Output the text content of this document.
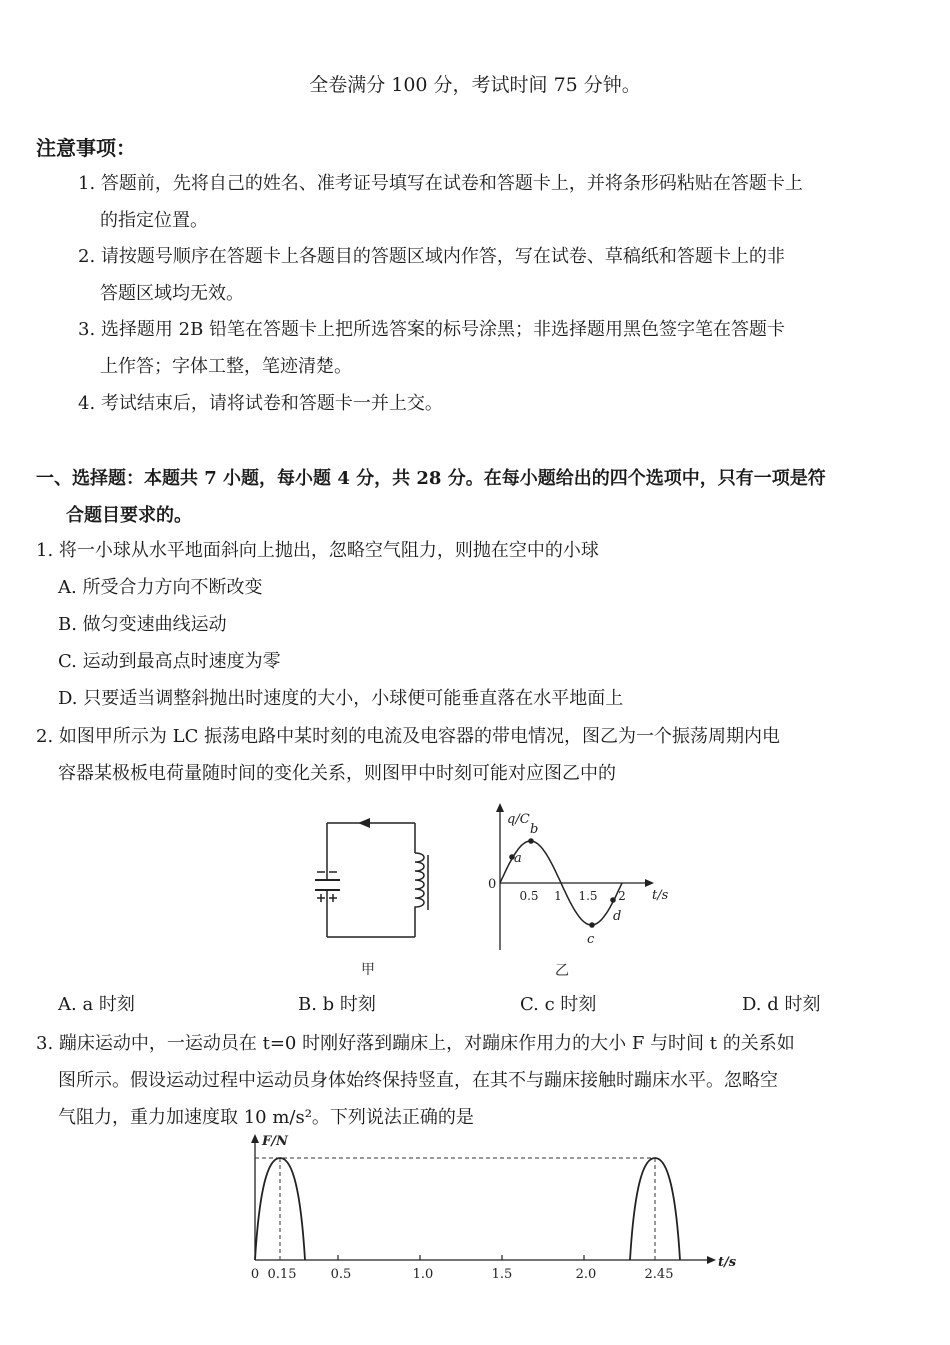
全卷满分 100 分，考试时间 75 分钟。
注意事项：
1. 答题前，先将自己的姓名、准考证号填写在试卷和答题卡上，并将条形码粘贴在答题卡上
的指定位置。
2. 请按题号顺序在答题卡上各题目的答题区域内作答，写在试卷、草稿纸和答题卡上的非
答题区域均无效。
3. 选择题用 2B 铅笔在答题卡上把所选答案的标号涂黑；非选择题用黑色签字笔在答题卡
上作答；字体工整，笔迹清楚。
4. 考试结束后，请将试卷和答题卡一并上交。
一、选择题：本题共 7 小题，每小题 4 分，共 28 分。在每小题给出的四个选项中，只有一项是符
合题目要求的。
1. 将一小球从水平地面斜向上抛出，忽略空气阻力，则抛在空中的小球
A. 所受合力方向不断改变
B. 做匀变速曲线运动
C. 运动到最高点时速度为零
D. 只要适当调整斜抛出时速度的大小，小球便可能垂直落在水平地面上
2. 如图甲所示为 LC 振荡电路中某时刻的电流及电容器的带电情况，图乙为一个振荡周期内电
容器某极板电荷量随时间的变化关系，则图甲中时刻可能对应图乙中的
甲
q/C
t/s
0
0.5 1 1.5 2
a
b
c
d
乙
A. a 时刻	B. b 时刻	C. c 时刻	D. d 时刻
3. 蹦床运动中，一运动员在 t=0 时刚好落到蹦床上，对蹦床作用力的大小 F 与时间 t 的关系如
图所示。假设运动过程中运动员身体始终保持竖直，在其不与蹦床接触时蹦床水平。忽略空
气阻力，重力加速度取 10 m/s²。下列说法正确的是
F/N
t/s
0 0.15	0.5	1.0	1.5	2.0	2.45
